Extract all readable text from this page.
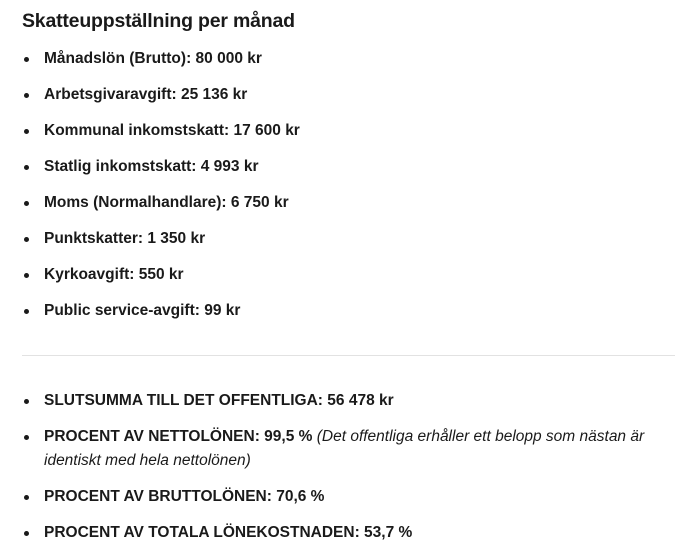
Skatteuppställning per månad
Månadslön (Brutto): 80 000 kr
Arbetsgivaravgift: 25 136 kr
Kommunal inkomstskatt: 17 600 kr
Statlig inkomstskatt: 4 993 kr
Moms (Normalhandlare): 6 750 kr
Punktskatter: 1 350 kr
Kyrkoavgift: 550 kr
Public service-avgift: 99 kr
SLUTSUMMA TILL DET OFFENTLIGA: 56 478 kr
PROCENT AV NETTOLÖNEN: 99,5 % (Det offentliga erhåller ett belopp som nästan är identiskt med hela nettolönen)
PROCENT AV BRUTTOLÖNEN: 70,6 %
PROCENT AV TOTALA LÖNEKOSTNADEN: 53,7 %
